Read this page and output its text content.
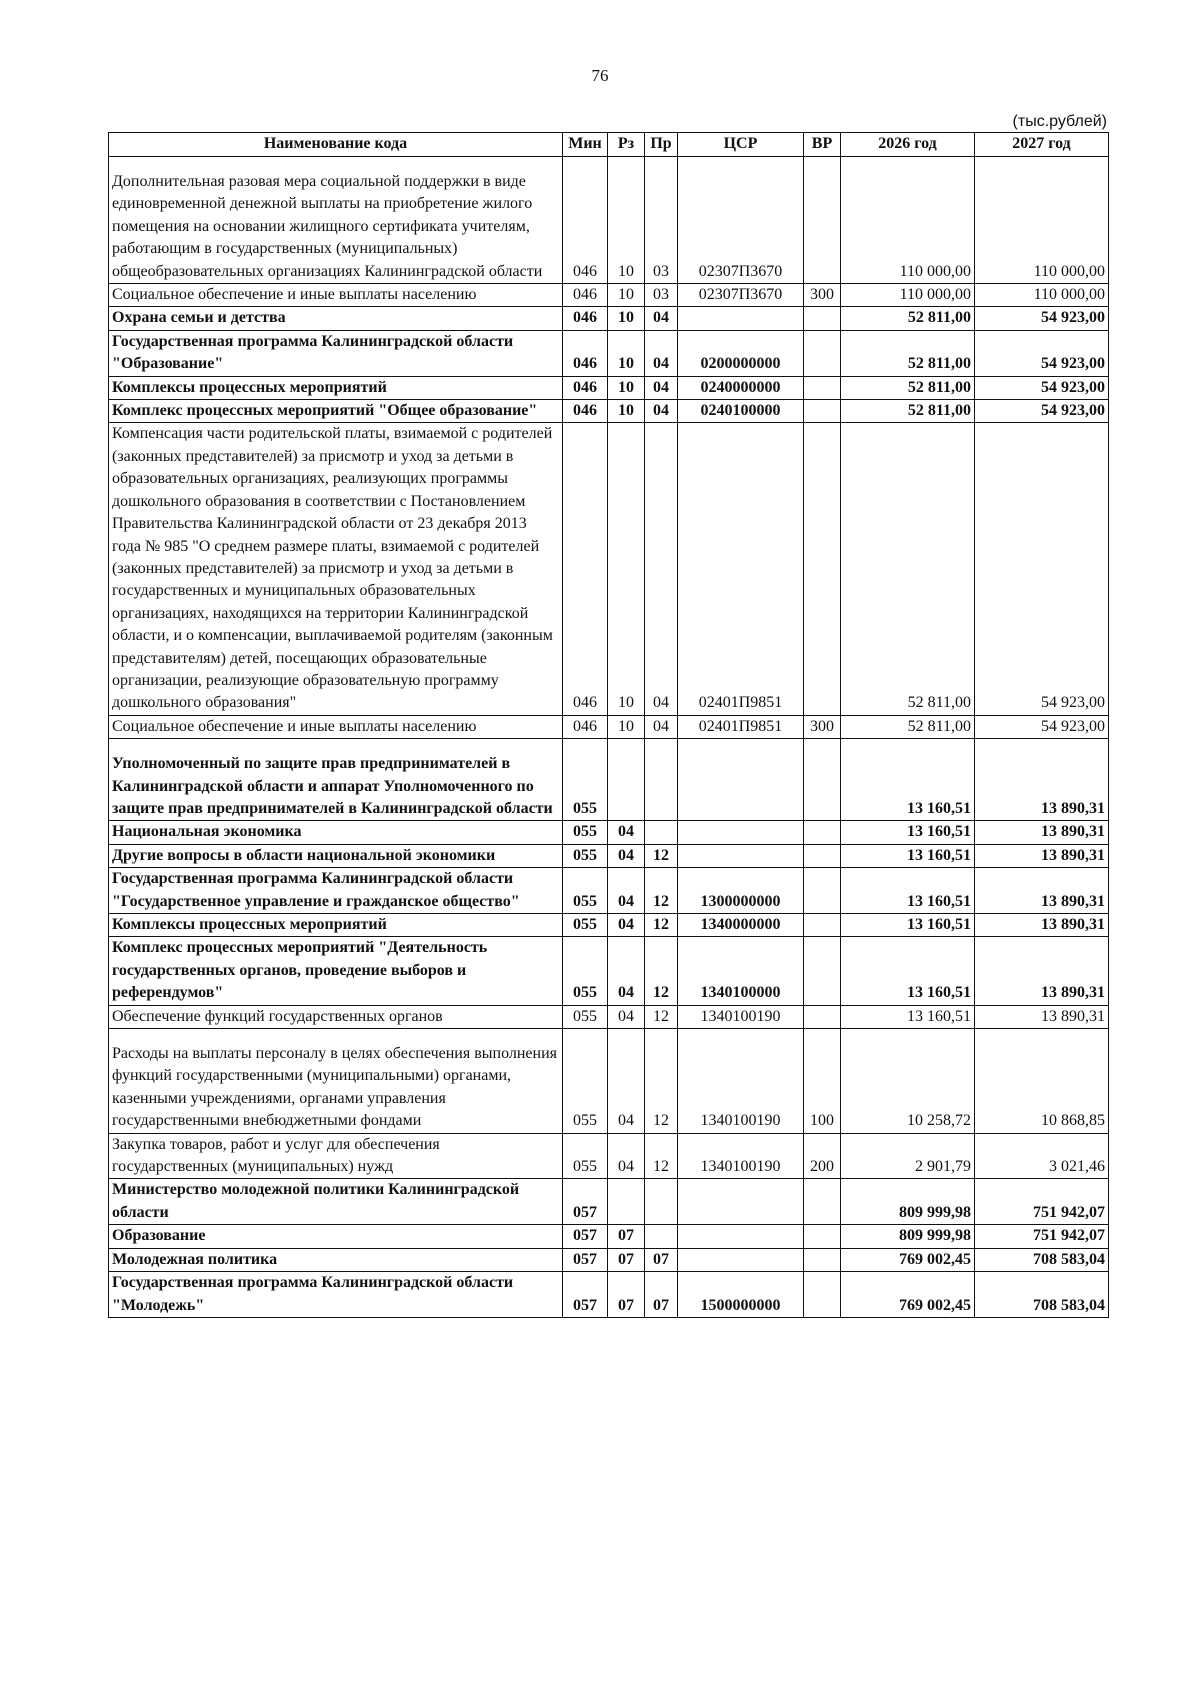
76
(тыс.рублей)
Наименование кода	Мин	Рз	Пр	ЦСР	ВР	2026 год	2027 год
Дополнительная разовая мера социальной поддержки в виде единовременной денежной выплаты на приобретение жилого помещения на основании жилищного сертификата учителям, работающим в государственных (муниципальных) общеобразовательных организациях Калининградской области	046	10	03	02307П3670		110 000,00	110 000,00
Социальное обеспечение и иные выплаты населению	046	10	03	02307П3670	300	110 000,00	110 000,00
Охрана семьи и детства	046	10	04			52 811,00	54 923,00
Государственная программа Калининградской области "Образование"	046	10	04	0200000000		52 811,00	54 923,00
Комплексы процессных мероприятий	046	10	04	0240000000		52 811,00	54 923,00
Комплекс процессных мероприятий "Общее образование"	046	10	04	0240100000		52 811,00	54 923,00
Компенсация части родительской платы, взимаемой с родителей (законных представителей) за присмотр и уход за детьми в образовательных организациях, реализующих программы дошкольного образования в соответствии с Постановлением Правительства Калининградской области от 23 декабря 2013 года № 985 "О среднем размере платы, взимаемой с родителей (законных представителей) за присмотр и уход за детьми в государственных и муниципальных образовательных организациях, находящихся на территории Калининградской области, и о компенсации, выплачиваемой родителям (законным представителям) детей, посещающих образовательные организации, реализующие образовательную программу дошкольного образования"	046	10	04	02401П9851		52 811,00	54 923,00
Социальное обеспечение и иные выплаты населению	046	10	04	02401П9851	300	52 811,00	54 923,00
Уполномоченный по защите прав предпринимателей в Калининградской области и аппарат Уполномоченного по защите прав предпринимателей в Калининградской области	055					13 160,51	13 890,31
Национальная экономика	055	04				13 160,51	13 890,31
Другие вопросы в области национальной экономики	055	04	12			13 160,51	13 890,31
Государственная программа Калининградской области "Государственное управление и гражданское общество"	055	04	12	1300000000		13 160,51	13 890,31
Комплексы процессных мероприятий	055	04	12	1340000000		13 160,51	13 890,31
Комплекс процессных мероприятий "Деятельность государственных органов, проведение выборов и референдумов"	055	04	12	1340100000		13 160,51	13 890,31
Обеспечение функций государственных органов	055	04	12	1340100190		13 160,51	13 890,31
Расходы на выплаты персоналу в целях обеспечения выполнения функций государственными (муниципальными) органами, казенными учреждениями, органами управления государственными внебюджетными фондами	055	04	12	1340100190	100	10 258,72	10 868,85
Закупка товаров, работ и услуг для обеспечения государственных (муниципальных) нужд	055	04	12	1340100190	200	2 901,79	3 021,46
Министерство молодежной политики Калининградской области	057					809 999,98	751 942,07
Образование	057	07				809 999,98	751 942,07
Молодежная политика	057	07	07			769 002,45	708 583,04
Государственная программа Калининградской области "Молодежь"	057	07	07	1500000000		769 002,45	708 583,04
